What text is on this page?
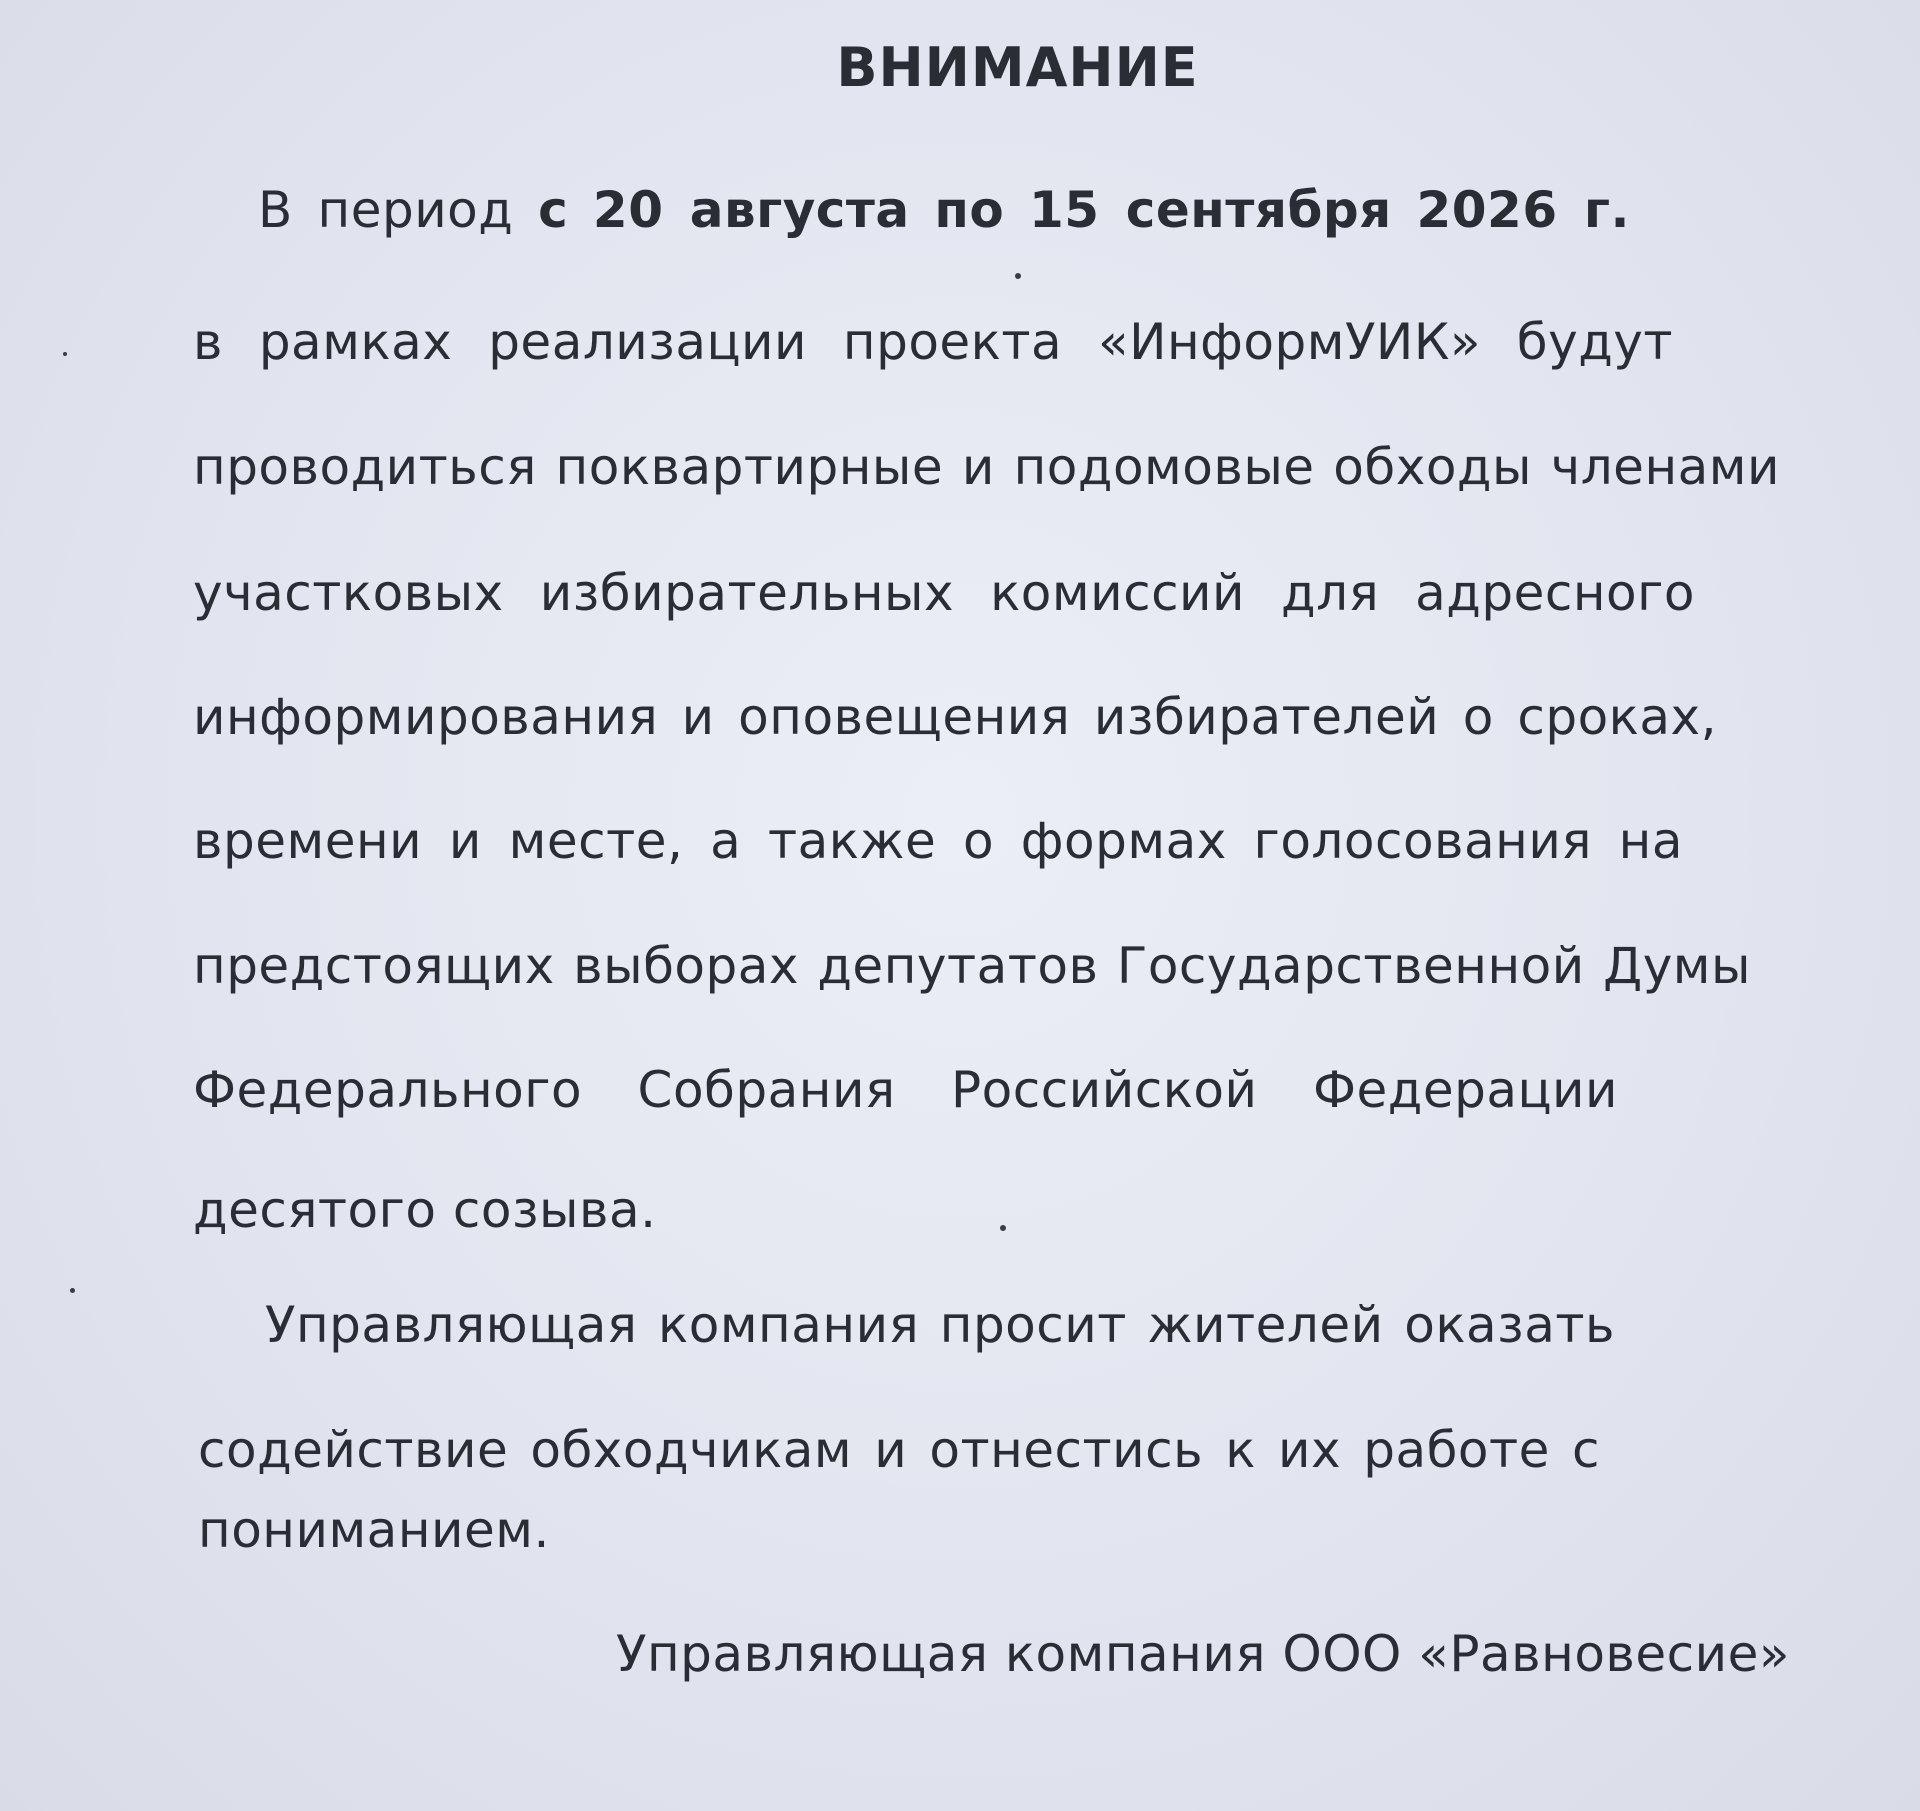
ВНИМАНИЕ

В период с 20 августа по 15 сентября 2026 г.

в рамках реализации проекта «ИнформУИК» будут

проводиться поквартирные и подомовые обходы членами

участковых избирательных комиссий для адресного

информирования и оповещения избирателей о сроках,

времени и месте, а также о формах голосования на

предстоящих выборах депутатов Государственной Думы

Федерального Собрания Российской Федерации

десятого созыва.

Управляющая компания просит жителей оказать

содействие обходчикам и отнестись к их работе с

пониманием.

Управляющая компания ООО «Равновесие»
